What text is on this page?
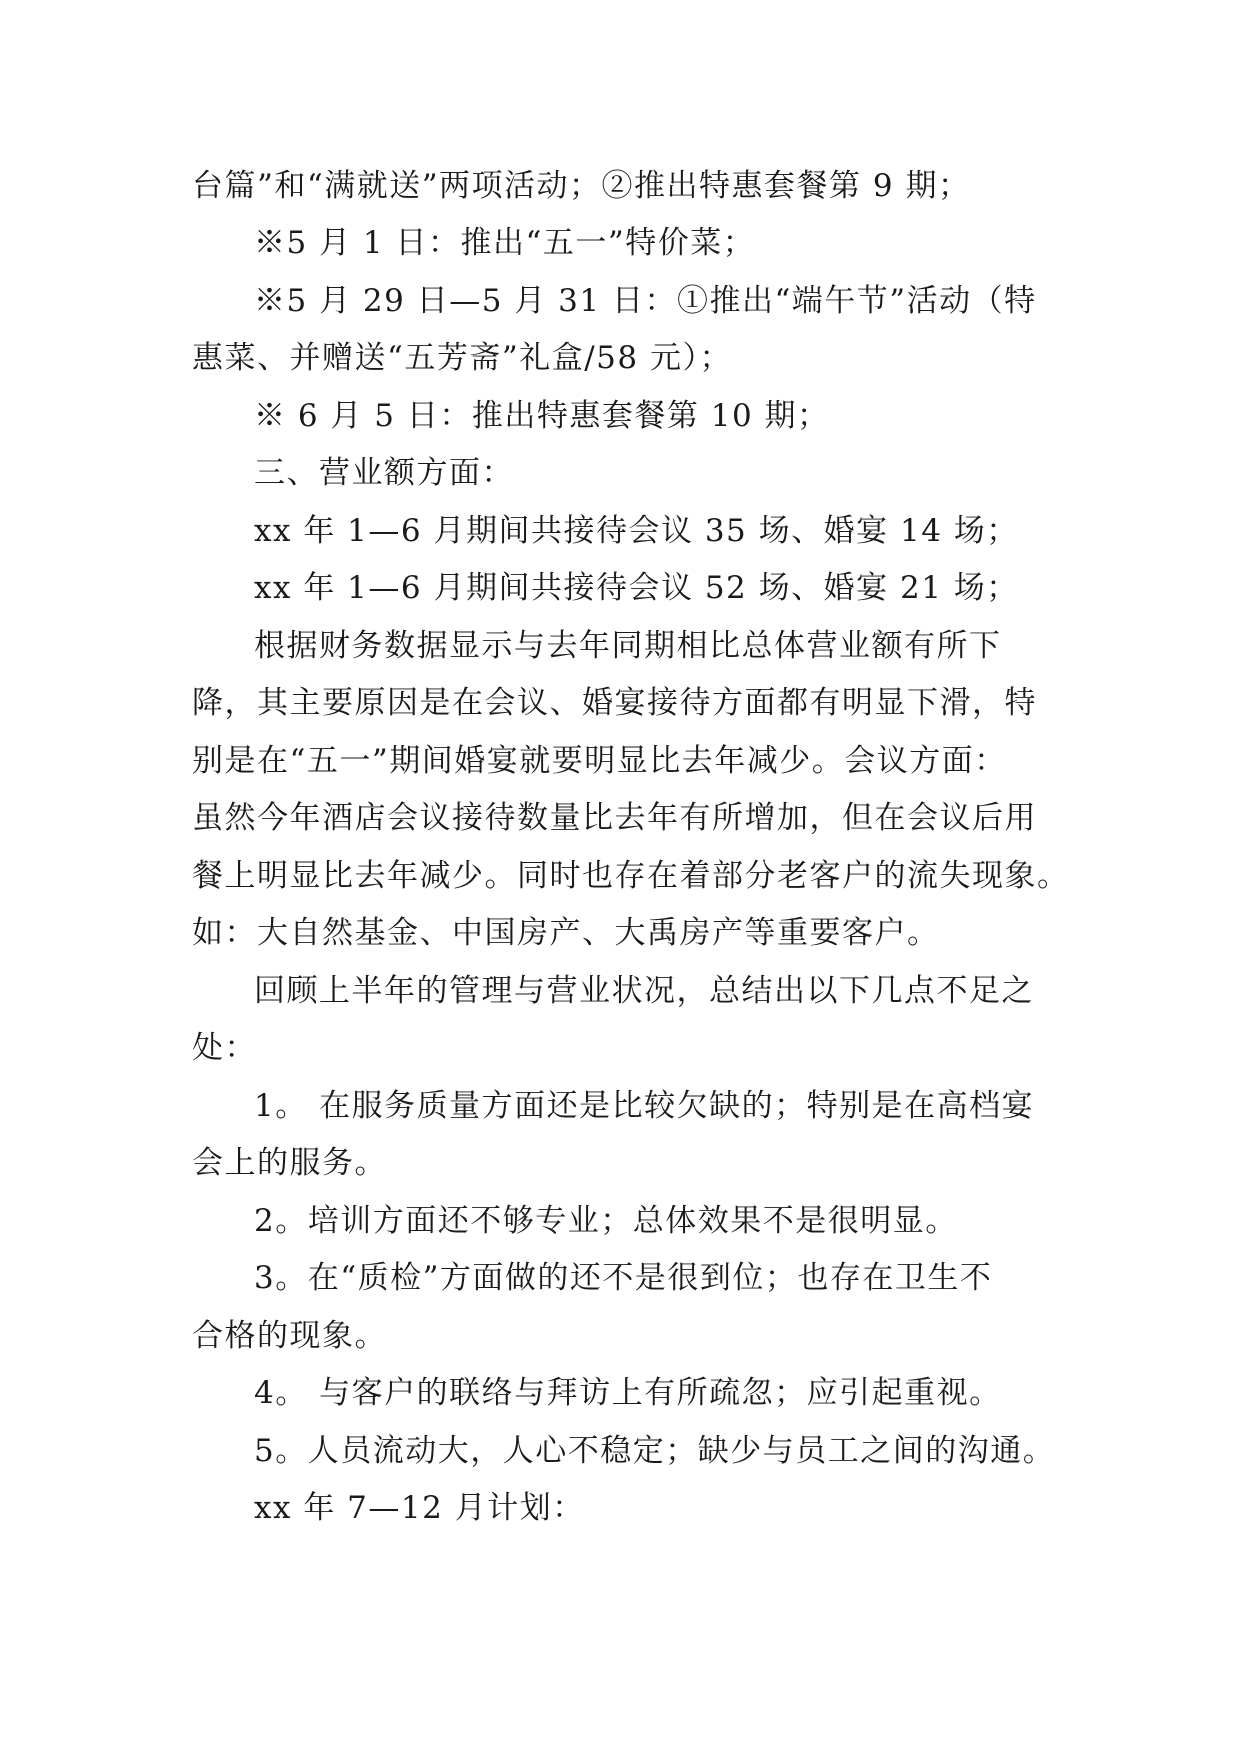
台篇”和“满就送”两项活动；②推出特惠套餐第 9 期；
※5 月 1 日：推出“五一”特价菜；
※5 月 29 日—5 月 31 日：①推出“端午节”活动（特
惠菜、并赠送“五芳斋”礼盒/58 元）；
※ 6 月 5 日：推出特惠套餐第 10 期；
三、营业额方面：
xx 年 1—6 月期间共接待会议 35 场、婚宴 14 场；
xx 年 1—6 月期间共接待会议 52 场、婚宴 21 场；
根据财务数据显示与去年同期相比总体营业额有所下
降，其主要原因是在会议、婚宴接待方面都有明显下滑，特
别是在“五一”期间婚宴就要明显比去年减少。会议方面：
虽然今年酒店会议接待数量比去年有所增加，但在会议后用
餐上明显比去年减少。同时也存在着部分老客户的流失现象。
如：大自然基金、中国房产、大禹房产等重要客户。
回顾上半年的管理与营业状况，总结出以下几点不足之
处：
1。 在服务质量方面还是比较欠缺的；特别是在高档宴
会上的服务。
2。培训方面还不够专业；总体效果不是很明显。
3。在“质检”方面做的还不是很到位；也存在卫生不
合格的现象。
4。 与客户的联络与拜访上有所疏忽；应引起重视。
5。人员流动大，人心不稳定；缺少与员工之间的沟通。
xx 年 7—12 月计划：
